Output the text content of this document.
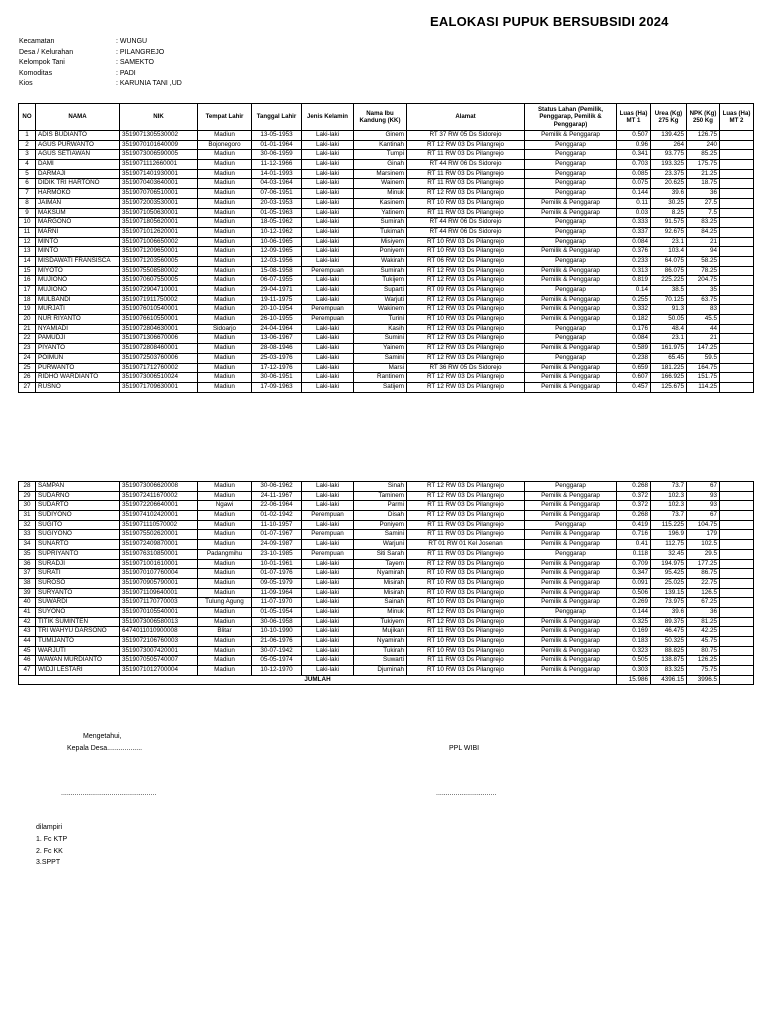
EALOKASI PUPUK BERSUBSIDI 2024
Kecamatan	: WUNGU
Desa / Kelurahan	: PILANGREJO
Kelompok Tani	: SAMEKTO
Komoditas	: PADI
Kios	: KARUNIA TANI ,UD
NO	NAMA	NIK	Tempat Lahir	Tanggal Lahir	Jenis Kelamin	Nama Ibu Kandung (KK)	Alamat	Status Lahan (Pemilik, Penggarap, Pemilik & Penggarap)	Luas (Ha) MT 1	Urea (Kg) 275 Kg	NPK (Kg) 250 Kg	Luas (Ha) MT 2
1	ADIS BUDIANTO	3519071305530002	Madiun	13-05-1953	Laki-laki	Ginem	RT 37 RW 05 Ds Sidorejo	Pemilik & Penggarap	0.507	139.425	126.75	
2	AGUS PURWANTO	3519070101640009	Bojonegoro	01-01-1964	Laki-laki	Kantinah	RT 12 RW 03 Ds Pilangrejo	Penggarap	0.96	264	240	
3	AGUS SETIAWAN	3519073006590005	Madiun	30-06-1959	Laki-laki	Tumpi	RT 11 RW 03 Ds Pilangrejo	Penggarap	0.341	93.775	85.25	
4	DAMI	3519071112660001	Madiun	11-12-1966	Laki-laki	Ginah	RT 44 RW 06 Ds Sidorejo	Penggarap	0.703	193.325	175.75	
5	DARMAJI	3519071401930001	Madiun	14-01-1993	Laki-laki	Marsinem	RT 11 RW 03 Ds Pilangrejo	Penggarap	0.085	23.375	21.25	
6	DIDIK TRI HARTONO	3519070403640001	Madiun	04-03-1964	Laki-laki	Wainem	RT 11 RW 03 Ds Pilangrejo	Penggarap	0.075	20.625	18.75	
7	HARMOKO	3519070706510001	Madiun	07-06-1951	Laki-laki	Minuk	RT 12 RW 03 Ds Pilangrejo	Penggarap	0.144	39.6	36	
8	JAIMAN	3519072003530001	Madiun	20-03-1953	Laki-laki	Kasinem	RT 10 RW 03 Ds Pilangrejo	Pemilik & Penggarap	0.11	30.25	27.5	
9	MAKSUM	3519071050630001	Madiun	01-05-1963	Laki-laki	Yatinem	RT 11 RW 03 Ds Pilangrejo	Pemilik & Penggarap	0.03	8.25	7.5	
10	MARGONO	3519071805620001	Madiun	18-05-1962	Laki-laki	Sumirah	RT 44 RW 06 Ds Sidorejo	Penggarap	0.333	91.575	83.25	
11	MARNI	3519071012620001	Madiun	10-12-1962	Laki-laki	Tukimah	RT 44 RW 06 Ds Sidorejo	Penggarap	0.337	92.675	84.25	
12	MINTO	3519071006650002	Madiun	10-06-1965	Laki-laki	Misiyem	RT 10 RW 03 Ds Pilangrejo	Penggarap	0.084	23.1	21	
13	MINTO	3519071209650001	Madiun	12-09-1965	Laki-laki	Poniyem	RT 10 RW 03 Ds Pilangrejo	Pemilik & Penggarap	0.376	103.4	94	
14	MISDAWATI FRANSISCA	3519071203560005	Madiun	12-03-1956	Laki-laki	Wakirah	RT 06 RW 02 Ds Pilangrejo	Penggarap	0.233	64.075	58.25	
15	MIYOTO	3519075508580002	Madiun	15-08-1958	Perempuan	Sumirah	RT 12 RW 03 Ds Pilangrejo	Pemilik & Penggarap	0.313	86.075	78.25	
16	MUJIONO	3519070607550005	Madiun	06-07-1955	Laki-laki	Tukijem	RT 12 RW 03 Ds Pilangrejo	Pemilik & Penggarap	0.819	225.225	204.75	
17	MUJIONO	3519072904710001	Madiun	29-04-1971	Laki-laki	Suparti	RT 09 RW 03 Ds Pilangrejo	Penggarap	0.14	38.5	35	
18	MULBANDI	3519071911750002	Madiun	19-11-1975	Laki-laki	Warjuti	RT 12 RW 03 Ds Pilangrejo	Pemilik & Penggarap	0.255	70.125	63.75	
19	MURJATI	3519076010540001	Madiun	20-10-1954	Perempuan	Wakinem	RT 12 RW 03 Ds Pilangrejo	Pemilik & Penggarap	0.332	91.3	83	
20	NUR RIYANTO	3519076610550001	Madiun	26-10-1955	Perempuan	Turini	RT 10 RW 03 Ds Pilangrejo	Pemilik & Penggarap	0.182	50.05	45.5	
21	NYAMIADI	3519072804630001	Sidoarjo	24-04-1964	Laki-laki	Kasih	RT 12 RW 03 Ds Pilangrejo	Penggarap	0.176	48.4	44	
22	PAMUDJI	3519071306670006	Madiun	13-06-1967	Laki-laki	Sumini	RT 12 RW 03 Ds Pilangrejo	Penggarap	0.084	23.1	21	
23	PIYANTO	3519072808460001	Madiun	28-08-1946	Laki-laki	Yainem	RT 12 RW 03 Ds Pilangrejo	Pemilik & Penggarap	0.589	161.975	147.25	
24	POIMUN	3519072503760006	Madiun	25-03-1976	Laki-laki	Samini	RT 12 RW 03 Ds Pilangrejo	Penggarap	0.238	65.45	59.5	
25	PURWANTO	3519071712760002	Madiun	17-12-1976	Laki-laki	Marsi	RT 36 RW 05 Ds Sidorejo	Pemilik & Penggarap	0.659	181.225	164.75	
26	RIDHO WARDIANTO	3519073006510024	Madiun	30-06-1951	Laki-laki	Rantinem	RT 12 RW 03 Ds Pilangrejo	Pemilik & Penggarap	0.607	166.925	151.75	
27	RUSNO	3519071709630001	Madiun	17-09-1963	Laki-laki	Satijem	RT 12 RW 03 Ds Pilangrejo	Pemilik & Penggarap	0.457	125.675	114.25	
28	SAMPAN	3519073006620008	Madiun	30-06-1962	Laki-laki	Sinah	RT 12 RW 03 Ds Pilangrejo	Penggarap	0.268	73.7	67	
29	SUDARNO	3519072411670002	Madiun	24-11-1967	Laki-laki	Taminem	RT 12 RW 03 Ds Pilangrejo	Pemilik & Penggarap	0.372	102.3	93	
30	SUDARTO	3519072206640001	Ngawi	22-06-1964	Laki-laki	Parmi	RT 11 RW 03 Ds Pilangrejo	Pemilik & Penggarap	0.372	102.3	93	
31	SUDIYONO	3519074102420001	Madiun	01-02-1942	Perempuan	Disah	RT 12 RW 03 Ds Pilangrejo	Pemilik & Penggarap	0.268	73.7	67	
32	SUGITO	3519071110570002	Madiun	11-10-1957	Laki-laki	Poniyem	RT 11 RW 03 Ds Pilangrejo	Penggarap	0.419	115.225	104.75	
33	SUGIYONO	3519075502620001	Madiun	01-07-1967	Perempuan	Samini	RT 11 RW 03 Ds Pilangrejo	Pemilik & Penggarap	0.716	196.9	179	
34	SUNARTO	3519072409870001	Madiun	24-09-1987	Laki-laki	Warjuni	RT 01 RW 01 Kel Josenan	Pemilik & Penggarap	0.41	112.75	102.5	
35	SUPRIYANTO	3519076310850001	Padangmihu	23-10-1985	Perempuan	Siti Sarah	RT 11 RW 03 Ds Pilangrejo	Penggarap	0.118	32.45	29.5	
36	SURADJI	3519071001610001	Madiun	10-01-1961	Laki-laki	Tayem	RT 12 RW 03 Ds Pilangrejo	Pemilik & Penggarap	0.709	194.975	177.25	
37	SURATI	3519070107760004	Madiun	01-07-1976	Laki-laki	Nyamirah	RT 10 RW 03 Ds Pilangrejo	Pemilik & Penggarap	0.347	95.425	86.75	
38	SUROSO	3519070905790001	Madiun	09-05-1979	Laki-laki	Misirah	RT 10 RW 03 Ds Pilangrejo	Pemilik & Penggarap	0.091	25.025	22.75	
39	SURYANTO	3519071109640001	Madiun	11-09-1964	Laki-laki	Misirah	RT 10 RW 03 Ds Pilangrejo	Pemilik & Penggarap	0.506	139.15	126.5	
40	SUWARDI	3519071170770003	Tulung Agung	11-07-1970	Laki-laki	Sainah	RT 10 RW 03 Ds Pilangrejo	Pemilik & Penggarap	0.269	73.975	67.25	
41	SUYONO	3519070105540001	Madiun	01-05-1954	Laki-laki	Minuk	RT 12 RW 03 Ds Pilangrejo	Penggarap	0.144	39.6	36	
42	TITIK SUMINTEN	3519073006580013	Madiun	30-06-1958	Laki-laki	Tukiyem	RT 12 RW 03 Ds Pilangrejo	Pemilik & Penggarap	0.325	89.375	81.25	
43	TRI WAHYU DARSONO	6474011010900008	Blitar	10-10-1990	Laki-laki	Mujikan	RT 11 RW 03 Ds Pilangrejo	Pemilik & Penggarap	0.169	46.475	42.25	
44	TUMIJANTO	3519072106760003	Madiun	21-06-1976	Laki-laki	Nyamirah	RT 10 RW 03 Ds Pilangrejo	Pemilik & Penggarap	0.183	50.325	45.75	
45	WARJUTI	3519073007420001	Madiun	30-07-1942	Laki-laki	Tukirah	RT 10 RW 03 Ds Pilangrejo	Pemilik & Penggarap	0.323	88.825	80.75	
46	WAWAN MURDIANTO	3519070505740007	Madiun	05-05-1974	Laki-laki	Suwarti	RT 11 RW 03 Ds Pilangrejo	Pemilik & Penggarap	0.505	138.875	126.25	
47	WIDJI LESTARI	3519071012700004	Madiun	10-12-1970	Laki-laki	Djuminah	RT 10 RW 03 Ds Pilangrejo	Pemilik & Penggarap	0.303	83.325	75.75	
JUMLAH									15.986	4396.15	3996.5	
Mengetahui,
Kepala Desa..................	PPL WIBI
.................................................	...............................
dilampiri
1. Fc KTP
2. Fc KK
3.SPPT
